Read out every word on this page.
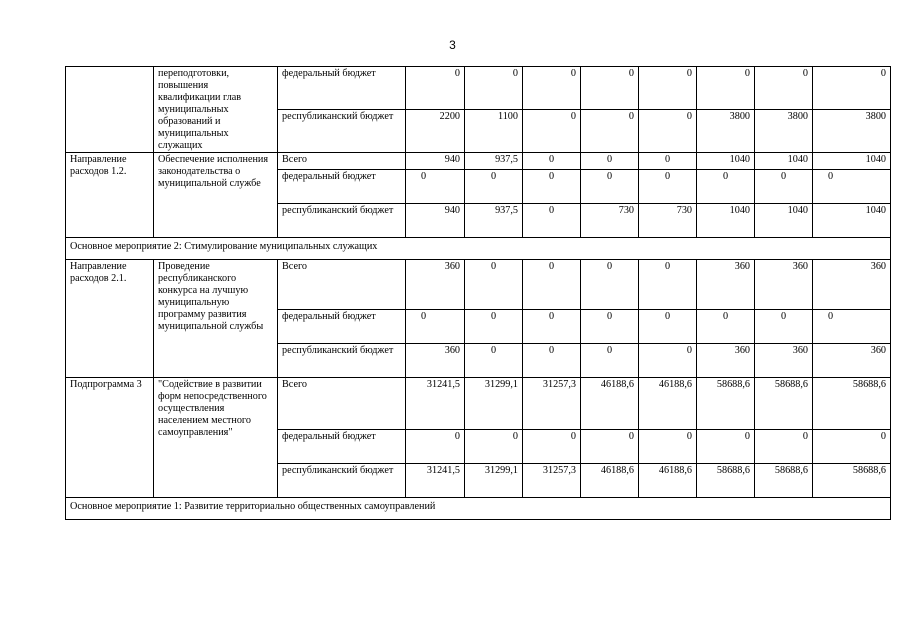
3
	переподготовки, повышения квалификации глав муниципальных образований и муниципальных служащих	федеральный бюджет	0	0	0	0	0	0	0	0
		республиканский бюджет	2200	1100	0	0	0	3800	3800	3800
Направление расходов 1.2.	Обеспечение исполнения законодательства о муниципальной службе	Всего	940	937,5	0	0	0	1040	1040	1040
		федеральный бюджет	0	0	0	0	0	0	0	0
		республиканский бюджет	940	937,5	0	730	730	1040	1040	1040
Основное мероприятие 2: Стимулирование муниципальных служащих										
Направление расходов 2.1.	Проведение республиканского конкурса на лучшую муниципальную программу развития муниципальной службы	Всего	360	0	0	0	0	360	360	360
		федеральный бюджет	0	0	0	0	0	0	0	0
		республиканский бюджет	360	0	0	0	0	360	360	360
Подпрограмма 3	"Содействие в развитии форм непосредственного осуществления населением местного самоуправления"	Всего	31241,5	31299,1	31257,3	46188,6	46188,6	58688,6	58688,6	58688,6
		федеральный бюджет	0	0	0	0	0	0	0	0
		республиканский бюджет	31241,5	31299,1	31257,3	46188,6	46188,6	58688,6	58688,6	58688,6
Основное мероприятие 1: Развитие территориально общественных самоуправлений										
